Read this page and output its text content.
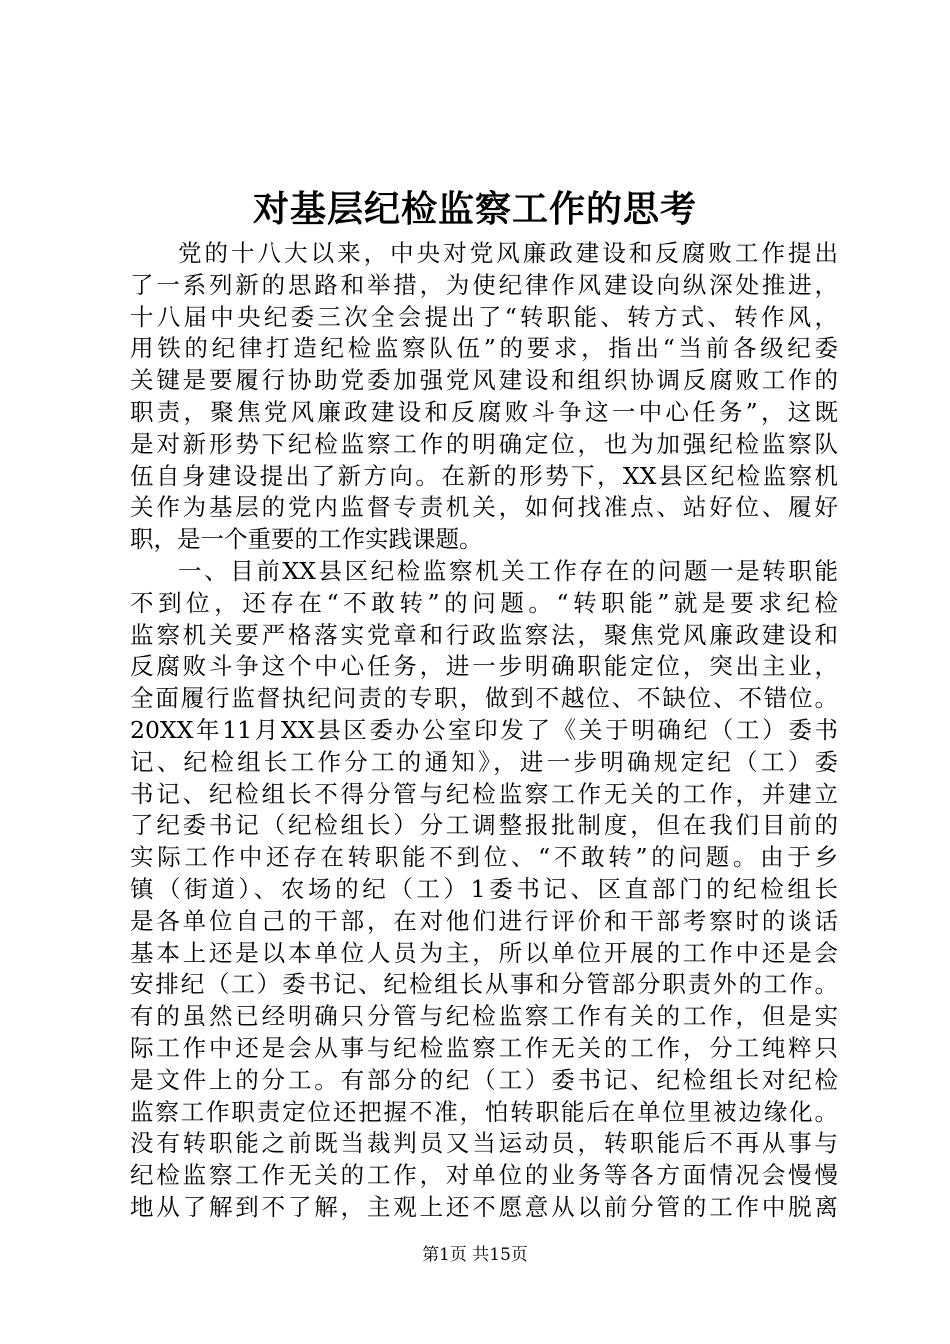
对基层纪检监察工作的思考
党的十八大以来，中央对党风廉政建设和反腐败工作提出
了一系列新的思路和举措，为使纪律作风建设向纵深处推进，
十八届中央纪委三次全会提出了“转职能、转方式、转作风，
用铁的纪律打造纪检监察队伍”的要求，指出“当前各级纪委
关键是要履行协助党委加强党风建设和组织协调反腐败工作的
职责，聚焦党风廉政建设和反腐败斗争这一中心任务”，这既
是对新形势下纪检监察工作的明确定位，也为加强纪检监察队
伍自身建设提出了新方向。在新的形势下，XX县区纪检监察机
关作为基层的党内监督专责机关，如何找准点、站好位、履好
职，是一个重要的工作实践课题。
一、目前XX县区纪检监察机关工作存在的问题一是转职能
不到位，还存在“不敢转”的问题。“转职能”就是要求纪检
监察机关要严格落实党章和行政监察法，聚焦党风廉政建设和
反腐败斗争这个中心任务，进一步明确职能定位，突出主业，
全面履行监督执纪问责的专职，做到不越位、不缺位、不错位。
20XX年11月XX县区委办公室印发了《关于明确纪（工）委书
记、纪检组长工作分工的通知》，进一步明确规定纪（工）委
书记、纪检组长不得分管与纪检监察工作无关的工作，并建立
了纪委书记（纪检组长）分工调整报批制度，但在我们目前的
实际工作中还存在转职能不到位、“不敢转”的问题。由于乡
镇（街道）、农场的纪（工）1委书记、区直部门的纪检组长
是各单位自己的干部，在对他们进行评价和干部考察时的谈话
基本上还是以本单位人员为主，所以单位开展的工作中还是会
安排纪（工）委书记、纪检组长从事和分管部分职责外的工作。
有的虽然已经明确只分管与纪检监察工作有关的工作，但是实
际工作中还是会从事与纪检监察工作无关的工作，分工纯粹只
是文件上的分工。有部分的纪（工）委书记、纪检组长对纪检
监察工作职责定位还把握不准，怕转职能后在单位里被边缘化。
没有转职能之前既当裁判员又当运动员，转职能后不再从事与
纪检监察工作无关的工作，对单位的业务等各方面情况会慢慢
地从了解到不了解，主观上还不愿意从以前分管的工作中脱离
第1页 共15页
